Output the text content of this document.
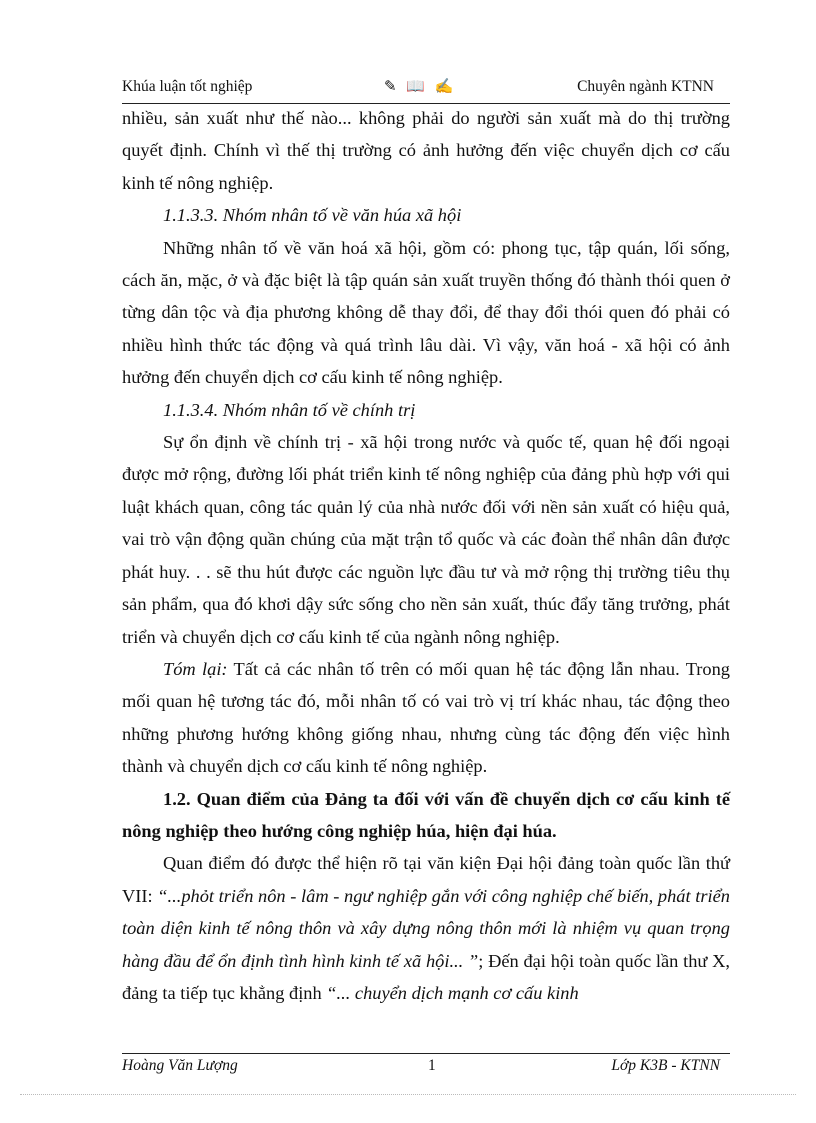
Khúa luận tốt nghiệp	✎ 📖 ✍	Chuyên ngành KTNN

nhiều, sản xuất như thế nào... không phải do người sản xuất mà do thị trường quyết định. Chính vì thế thị trường có ảnh hưởng đến việc chuyển dịch cơ cấu kinh tế nông nghiệp.

1.1.3.3. Nhóm nhân tố về văn húa xã hội

Những nhân tố về văn hoá xã hội, gồm có: phong tục, tập quán, lối sống, cách ăn, mặc, ở và đặc biệt là tập quán sản xuất truyền thống đó thành thói quen ở từng dân tộc và địa phương không dễ thay đổi, để thay đổi thói quen đó phải có nhiều hình thức tác động và quá trình lâu dài. Vì vậy, văn hoá - xã hội có ảnh hưởng đến chuyển dịch cơ cấu kinh tế nông nghiệp.

1.1.3.4. Nhóm nhân tố về chính trị

Sự ổn định về chính trị - xã hội trong nước và quốc tế, quan hệ đối ngoại được mở rộng, đường lối phát triển kinh tế nông nghiệp của đảng phù hợp với qui luật khách quan, công tác quản lý của nhà nước đối với nền sản xuất có hiệu quả, vai trò vận động quần chúng của mặt trận tổ quốc và các đoàn thể nhân dân được phát huy. . . sẽ thu hút được các nguồn lực đầu tư và mở rộng thị trường tiêu thụ sản phẩm, qua đó khơi dậy sức sống cho nền sản xuất, thúc đẩy tăng trưởng, phát triển và chuyển dịch cơ cấu kinh tế của ngành nông nghiệp.

Tóm lại: Tất cả các nhân tố trên có mối quan hệ tác động lẫn nhau. Trong mối quan hệ tương tác đó, mỗi nhân tố có vai trò vị trí khác nhau, tác động theo những phương hướng không giống nhau, nhưng cùng tác động đến việc hình thành và chuyển dịch cơ cấu kinh tế nông nghiệp.

1.2. Quan điểm của Đảng ta đối với vấn đề chuyển dịch cơ cấu kinh tế nông nghiệp theo hướng công nghiệp húa, hiện đại húa.

Quan điểm đó được thể hiện rõ tại văn kiện Đại hội đảng toàn quốc lần thứ VII: “...phỏt triển nôn - lâm - ngư nghiệp gắn với công nghiệp chế biến, phát triển toàn diện kinh tế nông thôn và xây dựng nông thôn mới là nhiệm vụ quan trọng hàng đầu để ổn định tình hình kinh tế xã hội... ”; Đến đại hội toàn quốc lần thư X, đảng ta tiếp tục khẳng định “... chuyển dịch mạnh cơ cấu kinh

Hoàng Văn Lượng	1	Lớp K3B - KTNN
